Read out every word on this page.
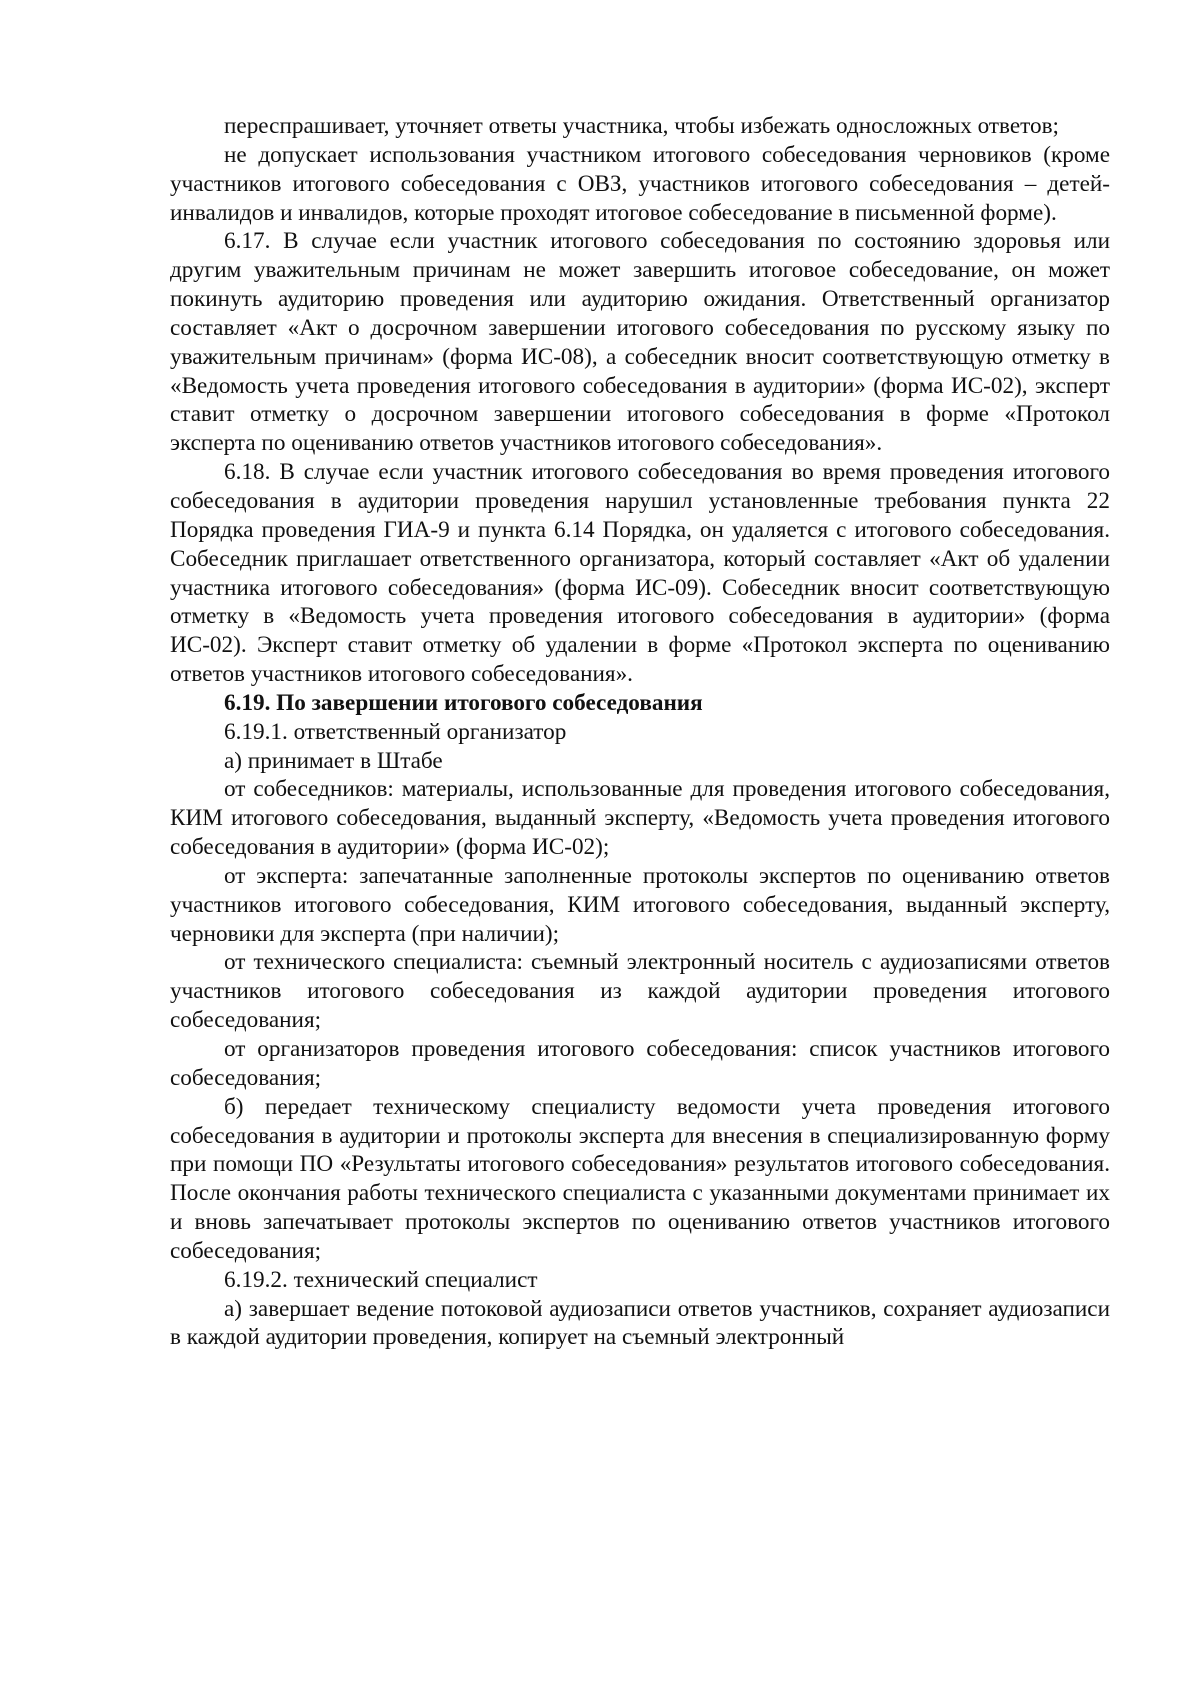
переспрашивает, уточняет ответы участника, чтобы избежать односложных ответов;

не допускает использования участником итогового собеседования черновиков (кроме участников итогового собеседования с ОВЗ, участников итогового собеседования – детей-инвалидов и инвалидов, которые проходят итоговое собеседование в письменной форме).

6.17. В случае если участник итогового собеседования по состоянию здоровья или другим уважительным причинам не может завершить итоговое собеседование, он может покинуть аудиторию проведения или аудиторию ожидания. Ответственный организатор составляет «Акт о досрочном завершении итогового собеседования по русскому языку по уважительным причинам» (форма ИС-08), а собеседник вносит соответствующую отметку в «Ведомость учета проведения итогового собеседования в аудитории» (форма ИС-02), эксперт ставит отметку о досрочном завершении итогового собеседования в форме «Протокол эксперта по оцениванию ответов участников итогового собеседования».

6.18. В случае если участник итогового собеседования во время проведения итогового собеседования в аудитории проведения нарушил установленные требования пункта 22 Порядка проведения ГИА-9 и пункта 6.14 Порядка, он удаляется с итогового собеседования. Собеседник приглашает ответственного организатора, который составляет «Акт об удалении участника итогового собеседования» (форма ИС-09). Собеседник вносит соответствующую отметку в «Ведомость учета проведения итогового собеседования в аудитории» (форма ИС-02). Эксперт ставит отметку об удалении в форме «Протокол эксперта по оцениванию ответов участников итогового собеседования».

6.19. По завершении итогового собеседования

6.19.1. ответственный организатор

а) принимает в Штабе

от собеседников: материалы, использованные для проведения итогового собеседования, КИМ итогового собеседования, выданный эксперту, «Ведомость учета проведения итогового собеседования в аудитории» (форма ИС-02);

от эксперта: запечатанные заполненные протоколы экспертов по оцениванию ответов участников итогового собеседования, КИМ итогового собеседования, выданный эксперту, черновики для эксперта (при наличии);

от технического специалиста: съемный электронный носитель с аудиозаписями ответов участников итогового собеседования из каждой аудитории проведения итогового собеседования;

от организаторов проведения итогового собеседования: список участников итогового собеседования;

б) передает техническому специалисту ведомости учета проведения итогового собеседования в аудитории и протоколы эксперта для внесения в специализированную форму при помощи ПО «Результаты итогового собеседования» результатов итогового собеседования. После окончания работы технического специалиста с указанными документами принимает их и вновь запечатывает протоколы экспертов по оцениванию ответов участников итогового собеседования;

6.19.2. технический специалист

а) завершает ведение потоковой аудиозаписи ответов участников, сохраняет аудиозаписи в каждой аудитории проведения, копирует на съемный электронный
